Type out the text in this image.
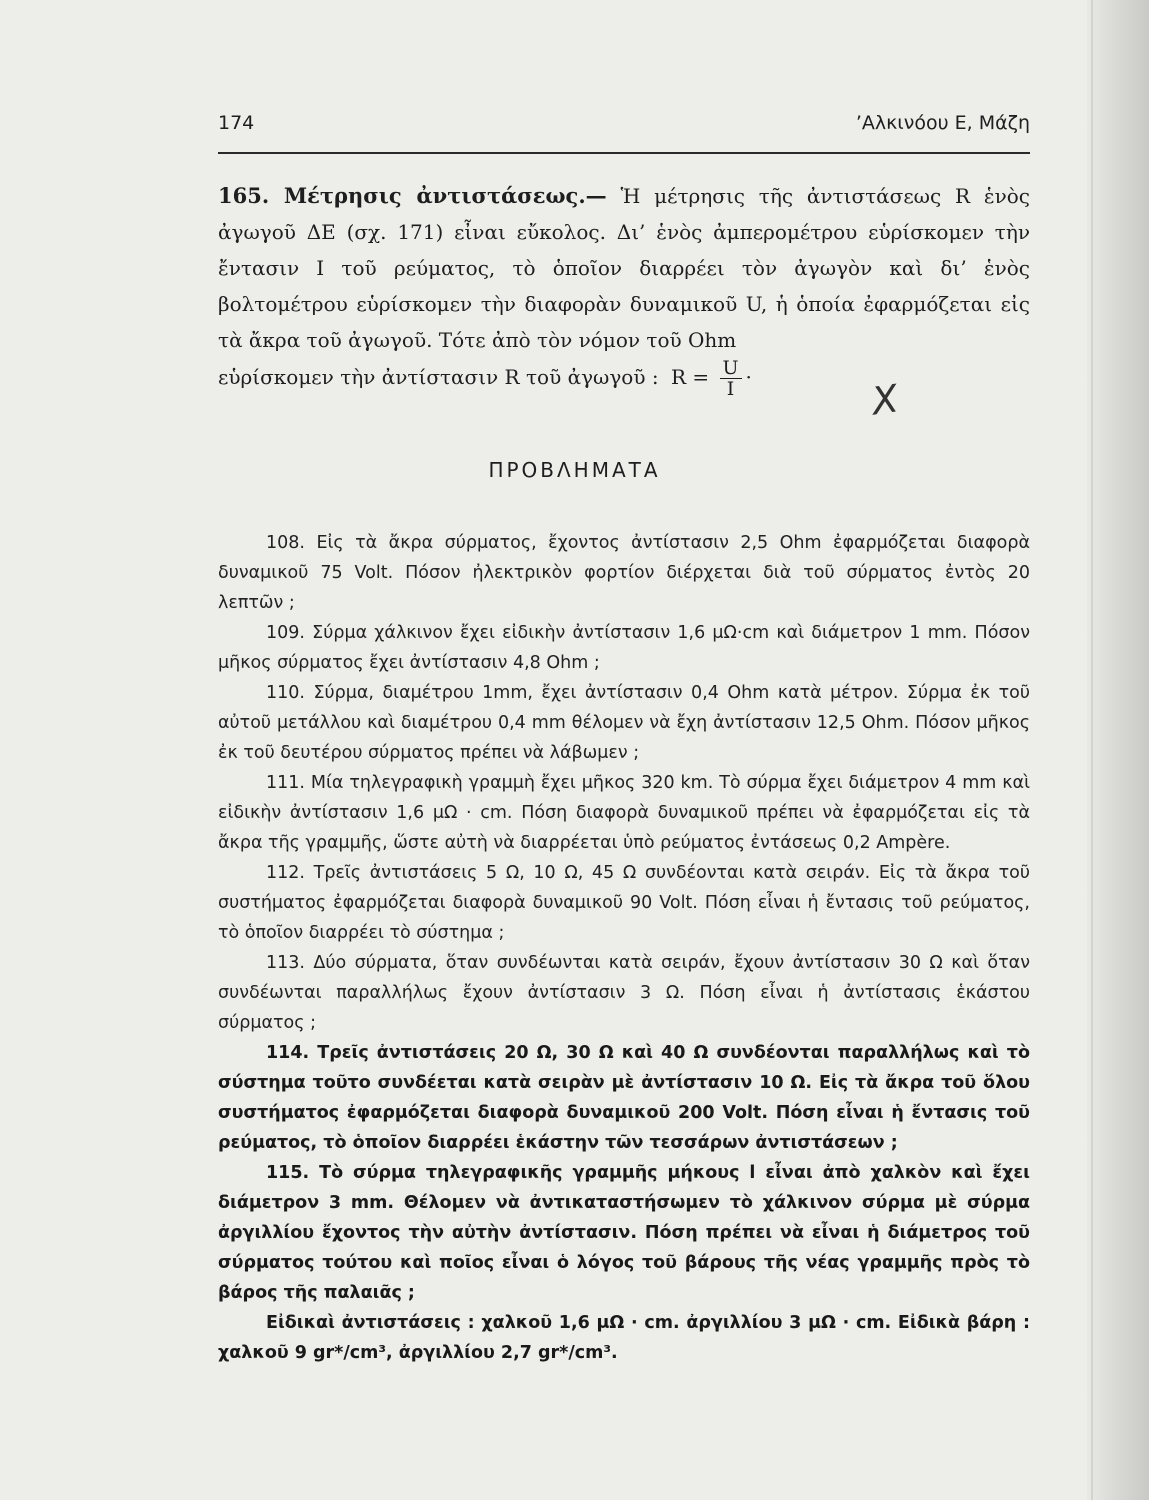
174	’Αλκινόου Ε, Μάζη
165. Μέτρησις ἀντιστάσεως.— Ἡ μέτρησις τῆς ἀντιστάσεως R ἑνὸς ἀγωγοῦ ΔΕ (σχ. 171) εἶναι εὔκολος. Δι’ ἑνὸς ἀμπερομέτρου εὑρίσκομεν τὴν ἔντασιν I τοῦ ρεύματος, τὸ ὁποῖον διαρρέει τὸν ἀγωγὸν καὶ δι’ ἑνὸς βολτομέτρου εὑρίσκομεν τὴν διαφορὰν δυναμικοῦ U, ἡ ὁποία ἐφαρμόζεται εἰς τὰ ἄκρα τοῦ ἀγωγοῦ. Τότε ἀπὸ τὸν νόμον τοῦ Ohm
εὑρίσκομεν τὴν ἀντίστασιν R τοῦ ἀγωγοῦ : $R = \frac{U}{I}$ ·	X
ΠΡΟΒΛΗΜΑΤΑ

108. Εἰς τὰ ἄκρα σύρματος, ἔχοντος ἀντίστασιν 2,5 Ohm ἐφαρμόζεται διαφορὰ δυναμικοῦ 75 Volt. Πόσον ἠλεκτρικὸν φορτίον διέρχεται διὰ τοῦ σύρματος ἐντὸς 20 λεπτῶν ;

109. Σύρμα χάλκινον ἔχει εἰδικὴν ἀντίστασιν 1,6 μΩ·cm καὶ διάμετρον 1 mm. Πόσον μῆκος σύρματος ἔχει ἀντίστασιν 4,8 Ohm ;

110. Σύρμα, διαμέτρου 1mm, ἔχει ἀντίστασιν 0,4 Ohm κατὰ μέτρον. Σύρμα ἐκ τοῦ αὐτοῦ μετάλλου καὶ διαμέτρου 0,4 mm θέλομεν νὰ ἔχη ἀντίστασιν 12,5 Ohm. Πόσον μῆκος ἐκ τοῦ δευτέρου σύρματος πρέπει νὰ λάβωμεν ;

111. Μία τηλεγραφικὴ γραμμὴ ἔχει μῆκος 320 km. Τὸ σύρμα ἔχει διάμετρον 4 mm καὶ εἰδικὴν ἀντίστασιν 1,6 μΩ · cm. Πόση διαφορὰ δυναμικοῦ πρέπει νὰ ἐφαρμόζεται εἰς τὰ ἄκρα τῆς γραμμῆς, ὥστε αὐτὴ νὰ διαρρέεται ὑπὸ ρεύματος ἐντάσεως 0,2 Ampère.

112. Τρεῖς ἀντιστάσεις 5 Ω, 10 Ω, 45 Ω συνδέονται κατὰ σειράν. Εἰς τὰ ἄκρα τοῦ συστήματος ἐφαρμόζεται διαφορὰ δυναμικοῦ 90 Volt. Πόση εἶναι ἡ ἔντασις τοῦ ρεύματος, τὸ ὁποῖον διαρρέει τὸ σύστημα ;

113. Δύο σύρματα, ὅταν συνδέωνται κατὰ σειράν, ἔχουν ἀντίστασιν 30 Ω καὶ ὅταν συνδέωνται παραλλήλως ἔχουν ἀντίστασιν 3 Ω. Πόση εἶναι ἡ ἀντίστασις ἑκάστου σύρματος ;

114. Τρεῖς ἀντιστάσεις 20 Ω, 30 Ω καὶ 40 Ω συνδέονται παραλλήλως καὶ τὸ σύστημα τοῦτο συνδέεται κατὰ σειρὰν μὲ ἀντίστασιν 10 Ω. Εἰς τὰ ἄκρα τοῦ ὅλου συστήματος ἐφαρμόζεται διαφορὰ δυναμικοῦ 200 Volt. Πόση εἶναι ἡ ἔντασις τοῦ ρεύματος, τὸ ὁποῖον διαρρέει ἑκάστην τῶν τεσσάρων ἀντιστάσεων ;

115. Τὸ σύρμα τηλεγραφικῆς γραμμῆς μήκους l εἶναι ἀπὸ χαλκὸν καὶ ἔχει διάμετρον 3 mm. Θέλομεν νὰ ἀντικαταστήσωμεν τὸ χάλκινον σύρμα μὲ σύρμα ἀργιλλίου ἔχοντος τὴν αὐτὴν ἀντίστασιν. Πόση πρέπει νὰ εἶναι ἡ διάμετρος τοῦ σύρματος τούτου καὶ ποῖος εἶναι ὁ λόγος τοῦ βάρους τῆς νέας γραμμῆς πρὸς τὸ βάρος τῆς παλαιᾶς ;

Εἰδικαὶ ἀντιστάσεις : χαλκοῦ 1,6 μΩ · cm. ἀργιλλίου 3 μΩ · cm. Εἰδικὰ βάρη : χαλκοῦ 9 gr*/cm³, ἀργιλλίου 2,7 gr*/cm³.
